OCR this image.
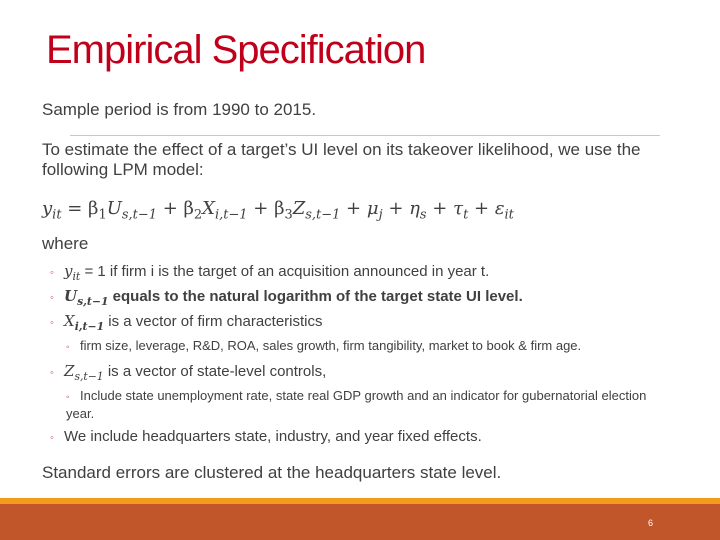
Empirical Specification
Sample period is from 1990 to 2015.
To estimate the effect of a target’s UI level on its takeover likelihood, we use the following LPM model:
$y_{it} = \beta_1U_{s,t-1} + \beta_2X_{i,t-1} + \beta_3Z_{s,t-1} + \mu_j + \eta_s + \tau_t + \varepsilon_{it}$
where
◦ $y_{it} = 1$ if firm i is the target of an acquisition announced in year t.
◦ $U_{s,t-1}$ equals to the natural logarithm of the target state UI level.
◦ $X_{i,t-1}$ is a vector of firm characteristics
◦ firm size, leverage, R&D, ROA, sales growth, firm tangibility, market to book & firm age.
◦ $Z_{s,t-1}$ is a vector of state-level controls,
◦ Include state unemployment rate, state real GDP growth and an indicator for gubernatorial election year.
◦ We include headquarters state, industry, and year fixed effects.
Standard errors are clustered at the headquarters state level.
6
